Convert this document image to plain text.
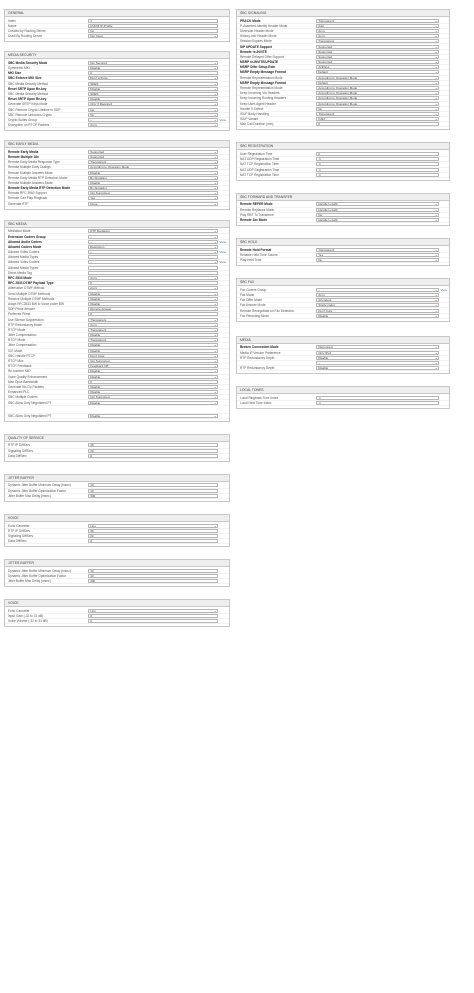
GENERAL
Index	1
Name	CUCM IP-Profile
Created by Routing Server	No
Used By Routing Server	Not Used ▾
MEDIA SECURITY
SBC Media Security Mode	Not Secured ▾
Symmetric MKI	Disable ▾
MKI Size	0
SBC Enforce MKI Size	Don't enforce ▾
SBC Media Security Method	SDES ▾
Reset SRTP Upon Re-key	Disable ▾
SBC Media Security Method	SDES ▾
Reset SRTP Upon Re-key	Disable ▾
Generate SRTP Keys Mode	Only If Required ▾
SBC Remove Crypto Lifetime in SDP	No ▾
SBC Remove Unknown Crypto	No ▾
Crypto Suites Group	-- ▾	View
Encryption on RTCP Packets	As Is ▾
SBC EARLY MEDIA
Remote Early Media	Supported ▾
Remote Multiple 18x	Supported ▾
Remote Early Media Response Type	Transparent ▾
Remote Multiple Early Dialogs	According to Operation Mode ▾
Remote Multiple Answers Mode	Disable ▾
Remote Early Media RTP Detection Mode	By Signaling ▾
Remote Multiple Answers Mode	Disable ▾
Remote Early Media RTP Detection Mode	By Signaling ▾
Remote RFC 3960 Support	Not Supported ▾
Remote Can Play Ringback	Yes ▾
Generate RTP	None ▾
SBC MEDIA
Mediation Mode	RTP Mediation ▾
Extension Coders Group	-- ▾
Allowed Audio Coders	-- ▾	View
Allowed Coders Mode	Restriction ▾
Allowed Video Coders	-- ▾	View
Allowed Media Types
Allowed Video Coders	-- ▾	View
Allowed Media Types
Direct Media Tag
RFC 2833 Mode	As Is ▾
RFC 2833 DTMF Payload Type	0
Alternative DTMF Method	As Is ▾
Send Multiple DTMF Methods	Disable ▾
Receive Multiple DTMF Methods	Disable ▾
Adapt RFC2833 BW to Voice coder BW	Disable ▾
SDP Ptime Answer	Remote Answer ▾
Preferred Ptime	0
Use Silence Suppression	Transparent ▾
RTP Redundancy Mode	As Is ▾
RTCP Mode	Transparent ▾
Jitter Compensation	Disable ▾
RTCP Mode	Transparent ▾
Jitter Compensation	Disable ▾
ICE Mode	Disable ▾
SBC Handle RTCP	Don't Care ▾
RTCP Mux	Not Supported ▾
RTCP Feedback	Feedback Off ▾
Re-number MID	Disable ▾
Voice Quality Enhancement	Disable ▾
Max Opus Bandwidth	0
Generate No-Op Packets	Disable ▾
Enhanced PLC	Disable ▾
SBC Multiple Coders	Not Supported ▾
SBC Allow Only Negotiated PT	Disable ▾
SBC Allow Only Negotiated PT	Disable ▾
QUALITY OF SERVICE
RTP IP DiffServ	46
Signaling DiffServ	24
Data DiffServ	0
JITTER BUFFER
Dynamic Jitter Buffer Minimum Delay [msec]	10
Dynamic Jitter Buffer Optimization Factor	10
Jitter Buffer Max Delay [msec]	300
VOICE
Echo Canceller	Line ▾
RTP IP DiffServ	46
Signaling DiffServ	24
Data DiffServ	0
JITTER BUFFER
Dynamic Jitter Buffer Minimum Delay [msec]	10
Dynamic Jitter Buffer Optimization Factor	10
Jitter Buffer Max Delay [msec]	300
VOICE
Echo Canceller	Line ▾
Input Gain (-32 to 31 dB)	0
Voice Volume (-32 to 31 dB)	0
SBC SIGNALING
PRACK Mode	Transparent ▾
P-Asserted-Identity Header Mode	Add ▾
Diversion Header Mode	As Is ▾
History-Info Header Mode	As Is ▾
Session Expires Mode	Transparent ▾
SIP UPDATE Support	Supported ▾
Remote re-INVITE	Supported ▾
Remote Delayed Offer Support	Supported ▾
MSRP re-INVITE/UPDATE	Supported ▾
MSRP Offer Setup Role	ActPass ▾
MSRP Empty Message Format	Default ▾
Remote Representation Mode	According to Operation Mode ▾
MSRP Empty Message Format	Default ▾
Remote Representation Mode	According to Operation Mode ▾
Keep Incoming Via Headers	According to Operation Mode ▾
Keep Incoming Routing Headers	According to Operation Mode ▾
Keep User-Agent Header	According to Operation Mode ▾
Handle X-Detect	No ▾
ISUP Body Handling	Transparent ▾
ISUP Variant	Itu92 ▾
Max Call Duration (min)	0
SBC REGISTRATION
User Registration Time	0
NAT UDP Registration Time	-1
NAT TCP Registration Time	-1
NAT UDP Registration Time	-1
NAT TCP Registration Time	-1
SBC FORWARD AND TRANSFER
Remote REFER Mode	Handle Locally ▾
Remote Replaces Mode	Handle Locally ▾
Play RBT To Transferee	No ▾
Remote 3xx Mode	Handle Locally ▾
SBC HOLD
Remote Hold Format	Transparent ▾
Reliable Held Tone Source	Yes ▾
Play Held Tone	No ▾
SBC FAX
Fax Coders Group	-- ▾	View
Fax Mode	As Is ▾
Fax Offer Mode	All coders ▾
Fax Answer Mode	Single coder ▾
Remote Renegotiate on Fax Detection	Don't Care ▾
Fax Rerouting Mode	Disable ▾
MEDIA
Broken Connection Mode	Disconnect ▾
Media IP Version Preference	Only IPv4 ▾
RTP Redundancy Depth	Disable ▾
-- ▾
RTP Redundancy Depth	Disable ▾
LOCAL TONES
Local Ringback Tone Index	-1
Local Held Tone Index	-1
